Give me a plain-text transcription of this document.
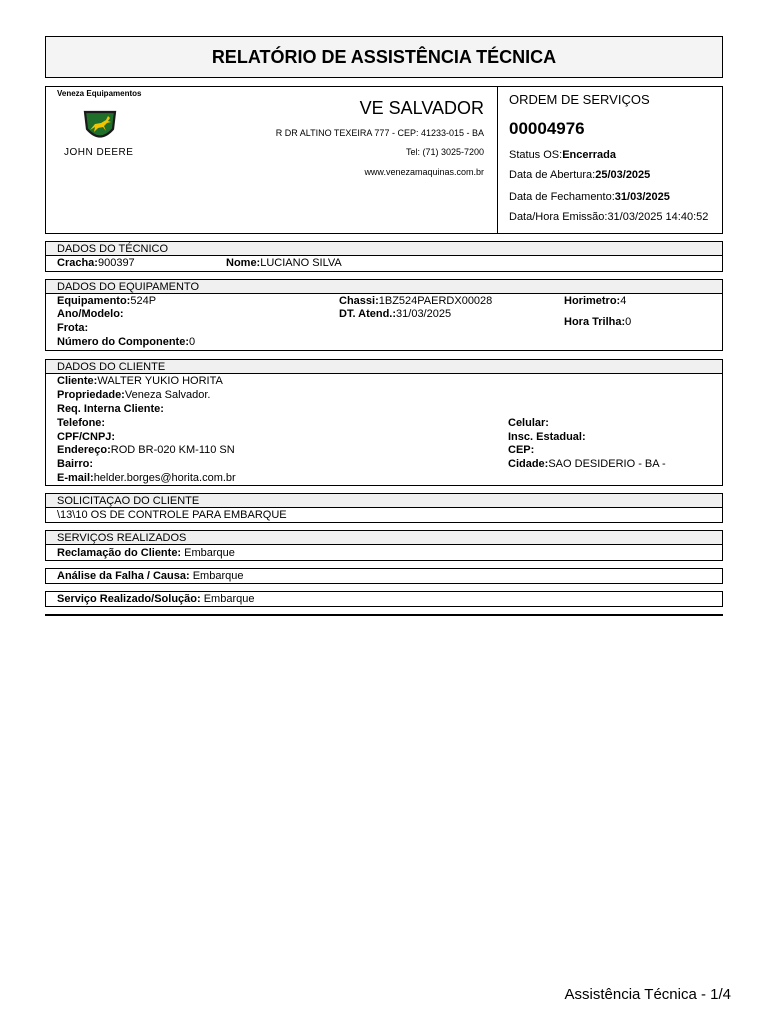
RELATÓRIO DE ASSISTÊNCIA TÉCNICA
Veneza Equipamentos
JOHN DEERE
VE SALVADOR
R DR ALTINO TEXEIRA 777 - CEP: 41233-015 - BA
Tel: (71) 3025-7200
www.venezamaquinas.com.br
ORDEM DE SERVIÇOS
00004976
Status OS:Encerrada
Data de Abertura:25/03/2025
Data de Fechamento:31/03/2025
Data/Hora Emissão:31/03/2025 14:40:52
DADOS DO TÉCNICO
Cracha:900397	Nome:LUCIANO SILVA
DADOS DO EQUIPAMENTO
Equipamento:524P
Ano/Modelo:
Frota:
Número do Componente:0
Chassi:1BZ524PAERDX00028
DT. Atend.:31/03/2025
Horimetro:4
Hora Trilha:0
DADOS DO CLIENTE
Cliente:WALTER YUKIO HORITA
Propriedade:Veneza Salvador.
Req. Interna Cliente:
Telefone:
CPF/CNPJ:
Endereço:ROD BR-020 KM-110 SN
Bairro:
E-mail:helder.borges@horita.com.br
Celular:
Insc. Estadual:
CEP:
Cidade:SAO DESIDERIO - BA -
SOLICITAÇAO DO CLIENTE
\13\10 OS DE CONTROLE PARA EMBARQUE
SERVIÇOS REALIZADOS
Reclamação do Cliente: Embarque
Análise da Falha / Causa: Embarque
Serviço Realizado/Solução: Embarque
Assistência Técnica - 1/4
